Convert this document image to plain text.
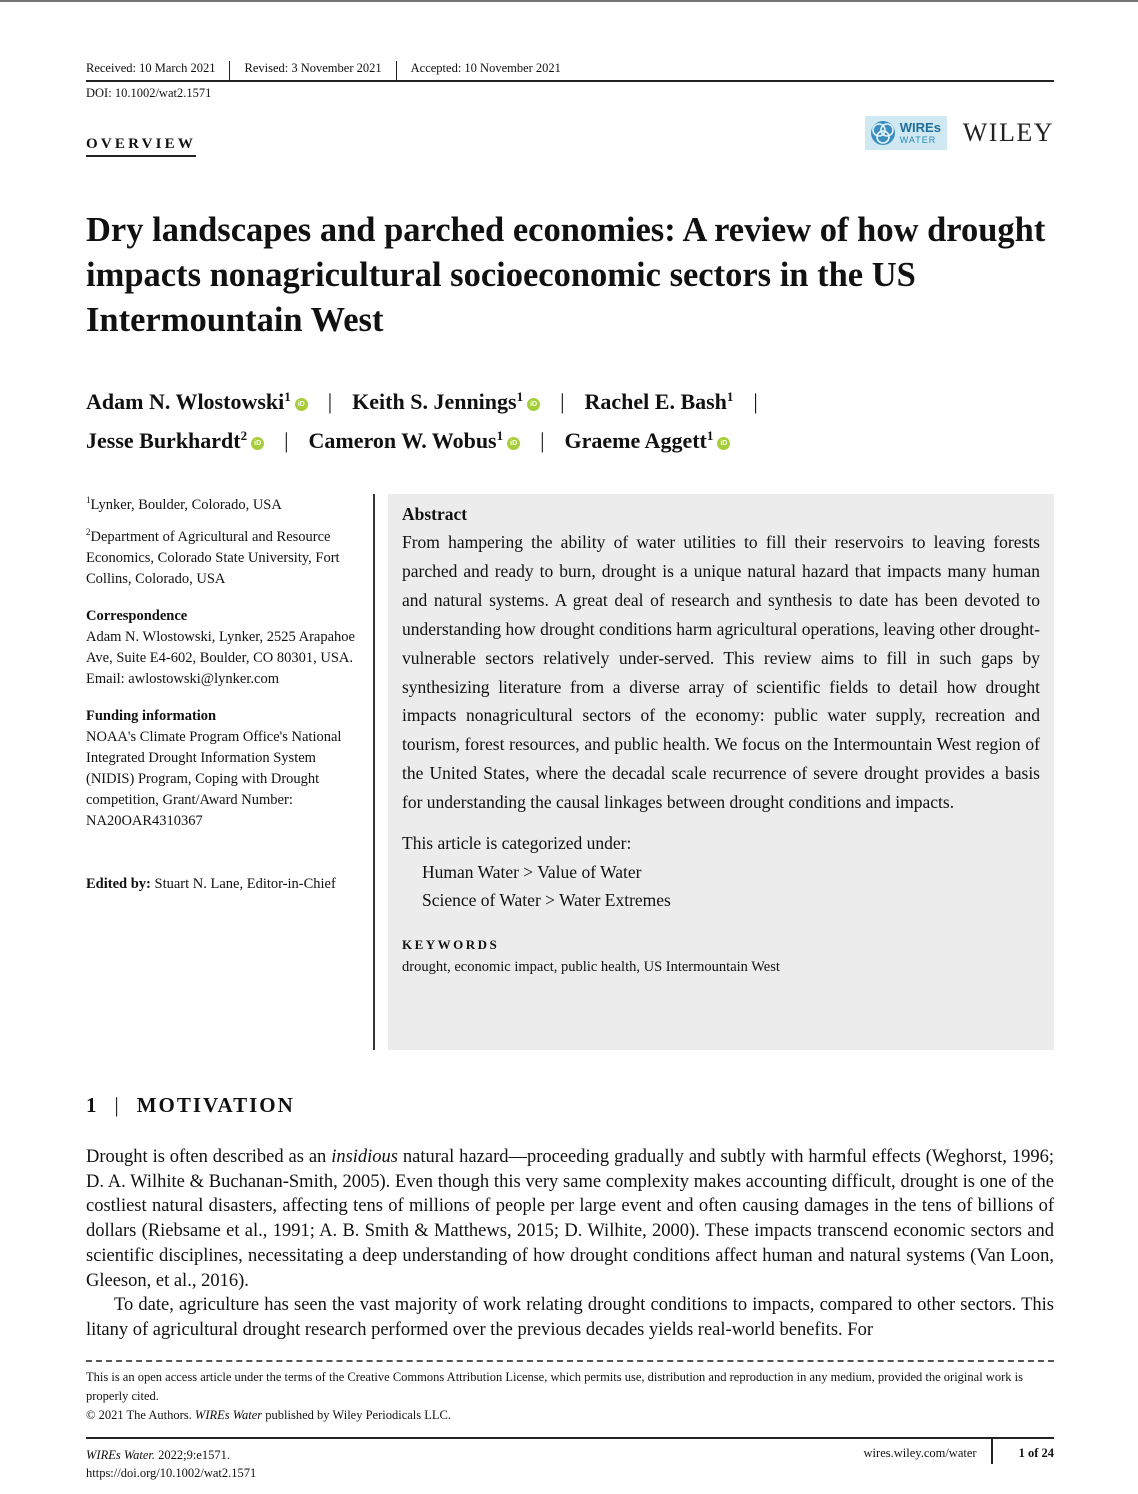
Received: 10 March 2021	Revised: 3 November 2021	Accepted: 10 November 2021
DOI: 10.1002/wat2.1571
OVERVIEW
WIREs
WATER WILEY
Dry landscapes and parched economies: A review of how drought impacts nonagricultural socioeconomic sectors in the US Intermountain West
Adam N. Wlostowski$^1$iD | Keith S. Jennings$^1$iD | Rachel E. Bash$^1$ |
Jesse Burkhardt$^2$iD | Cameron W. Wobus$^1$iD | Graeme Aggett$^1$iD

$^1$Lynker, Boulder, Colorado, USA

$^2$Department of Agricultural and Resource Economics, Colorado State University, Fort Collins, Colorado, USA

Correspondence

Adam N. Wlostowski, Lynker, 2525 Arapahoe Ave, Suite E4-602, Boulder, CO 80301, USA.

Email: awlostowski@lynker.com

Funding information

NOAA's Climate Program Office's National Integrated Drought Information System (NIDIS) Program, Coping with Drought competition, Grant/Award Number: NA20OAR4310367

Edited by: Stuart N. Lane, Editor-in-Chief

Abstract

From hampering the ability of water utilities to fill their reservoirs to leaving forests parched and ready to burn, drought is a unique natural hazard that impacts many human and natural systems. A great deal of research and synthesis to date has been devoted to understanding how drought conditions harm agricultural operations, leaving other drought-vulnerable sectors relatively under-served. This review aims to fill in such gaps by synthesizing literature from a diverse array of scientific fields to detail how drought impacts nonagricultural sectors of the economy: public water supply, recreation and tourism, forest resources, and public health. We focus on the Intermountain West region of the United States, where the decadal scale recurrence of severe drought provides a basis for understanding the causal linkages between drought conditions and impacts.

This article is categorized under:
Human Water > Value of Water
Science of Water > Water Extremes
KEYWORDS
drought, economic impact, public health, US Intermountain West
1 | MOTIVATION

Drought is often described as an insidious natural hazard—proceeding gradually and subtly with harmful effects (Weghorst, 1996; D. A. Wilhite & Buchanan-Smith, 2005). Even though this very same complexity makes accounting difficult, drought is one of the costliest natural disasters, affecting tens of millions of people per large event and often causing damages in the tens of billions of dollars (Riebsame et al., 1991; A. B. Smith & Matthews, 2015; D. Wilhite, 2000). These impacts transcend economic sectors and scientific disciplines, necessitating a deep understanding of how drought conditions affect human and natural systems (Van Loon, Gleeson, et al., 2016).

To date, agriculture has seen the vast majority of work relating drought conditions to impacts, compared to other sectors. This litany of agricultural drought research performed over the previous decades yields real-world benefits. For

This is an open access article under the terms of the Creative Commons Attribution License, which permits use, distribution and reproduction in any medium, provided the original work is properly cited.

© 2021 The Authors. WIREs Water published by Wiley Periodicals LLC.

WIREs Water. 2022;9:e1571.
https://doi.org/10.1002/wat2.1571
wires.wiley.com/water	1 of 24
